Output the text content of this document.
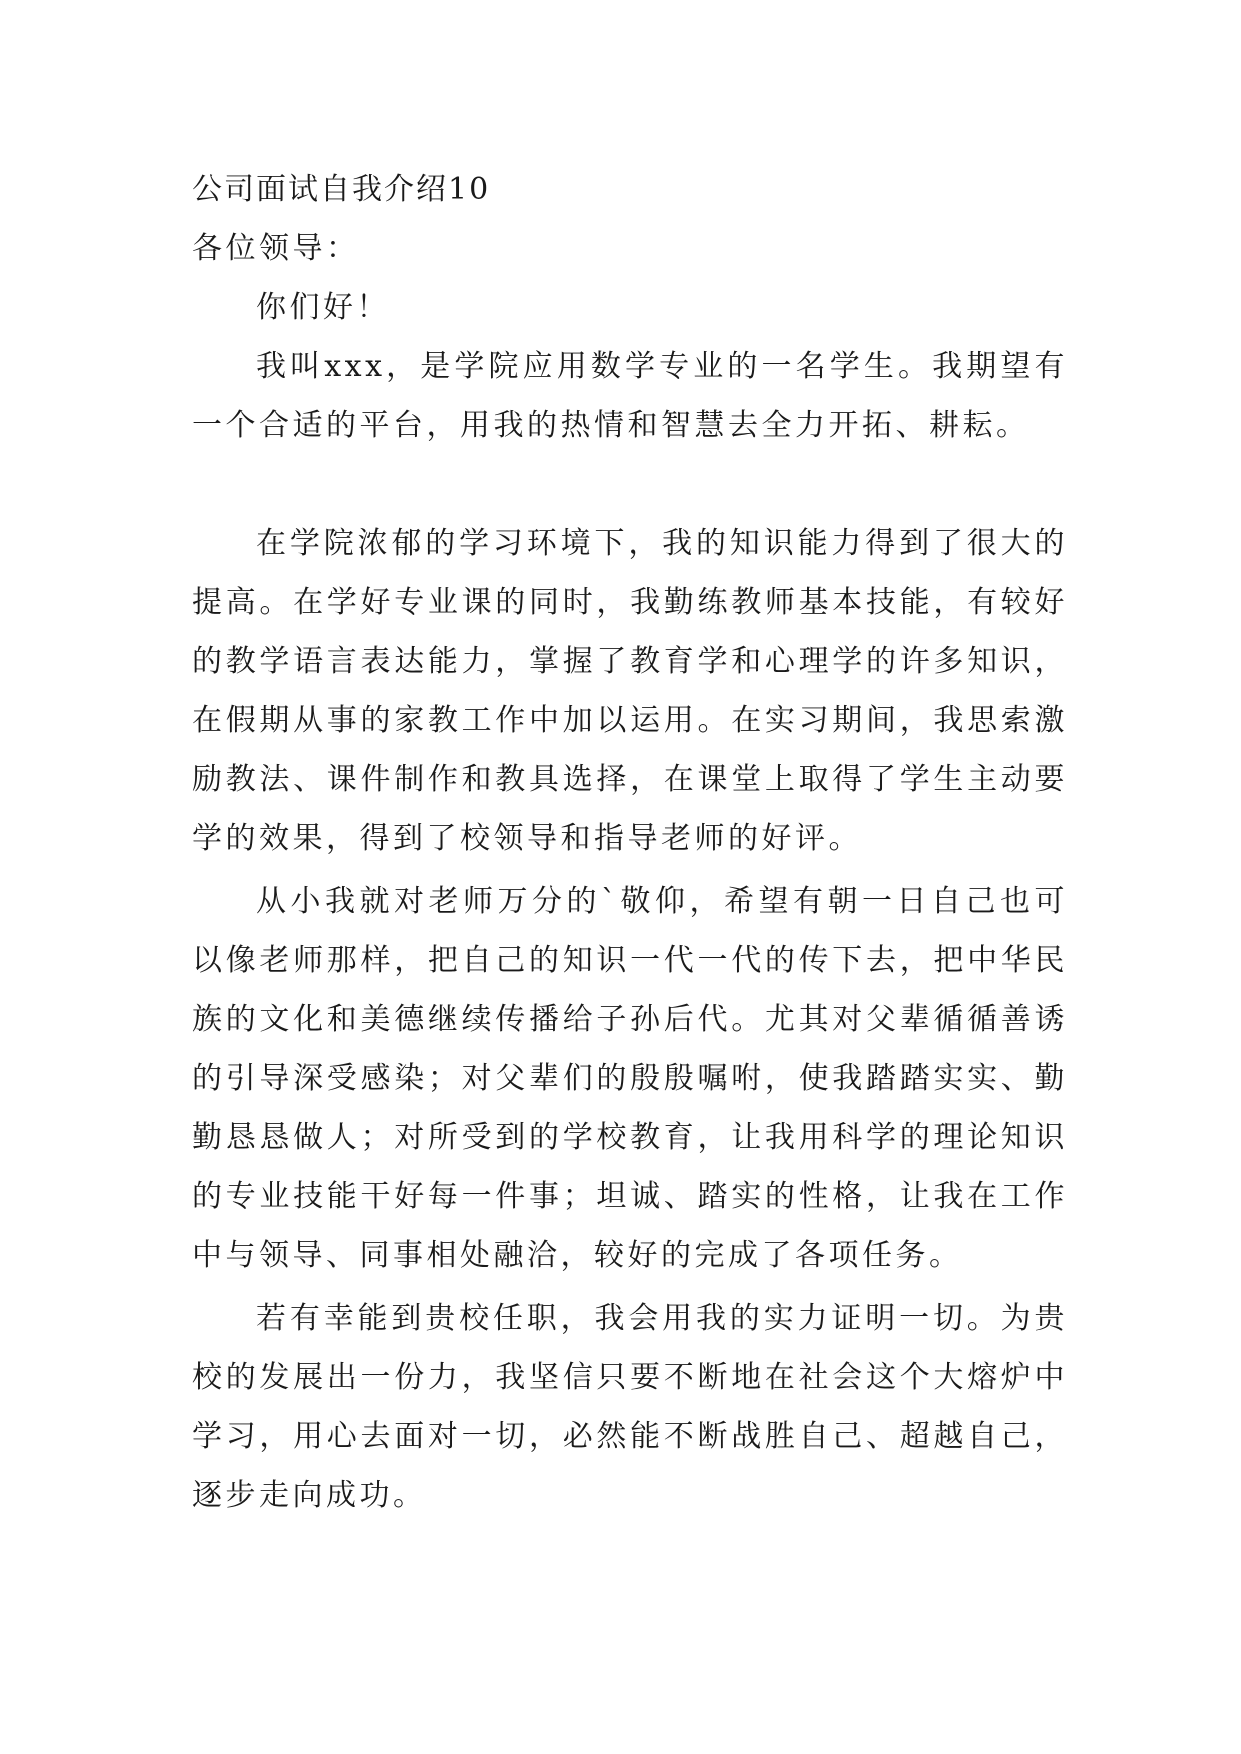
公司面试自我介绍10
各位领导：
你们好！
我叫xxx，是学院应用数学专业的一名学生。我期望有一个合适的平台，用我的热情和智慧去全力开拓、耕耘。
在学院浓郁的学习环境下，我的知识能力得到了很大的提高。在学好专业课的同时，我勤练教师基本技能，有较好的教学语言表达能力，掌握了教育学和心理学的许多知识，在假期从事的家教工作中加以运用。在实习期间，我思索激励教法、课件制作和教具选择，在课堂上取得了学生主动要学的效果，得到了校领导和指导老师的好评。
从小我就对老师万分的`敬仰，希望有朝一日自己也可以像老师那样，把自己的知识一代一代的传下去，把中华民族的文化和美德继续传播给子孙后代。尤其对父辈循循善诱的引导深受感染；对父辈们的殷殷嘱咐，使我踏踏实实、勤勤恳恳做人；对所受到的学校教育，让我用科学的理论知识的专业技能干好每一件事；坦诚、踏实的性格，让我在工作中与领导、同事相处融洽，较好的完成了各项任务。
若有幸能到贵校任职，我会用我的实力证明一切。为贵校的发展出一份力，我坚信只要不断地在社会这个大熔炉中学习，用心去面对一切，必然能不断战胜自己、超越自己，逐步走向成功。
